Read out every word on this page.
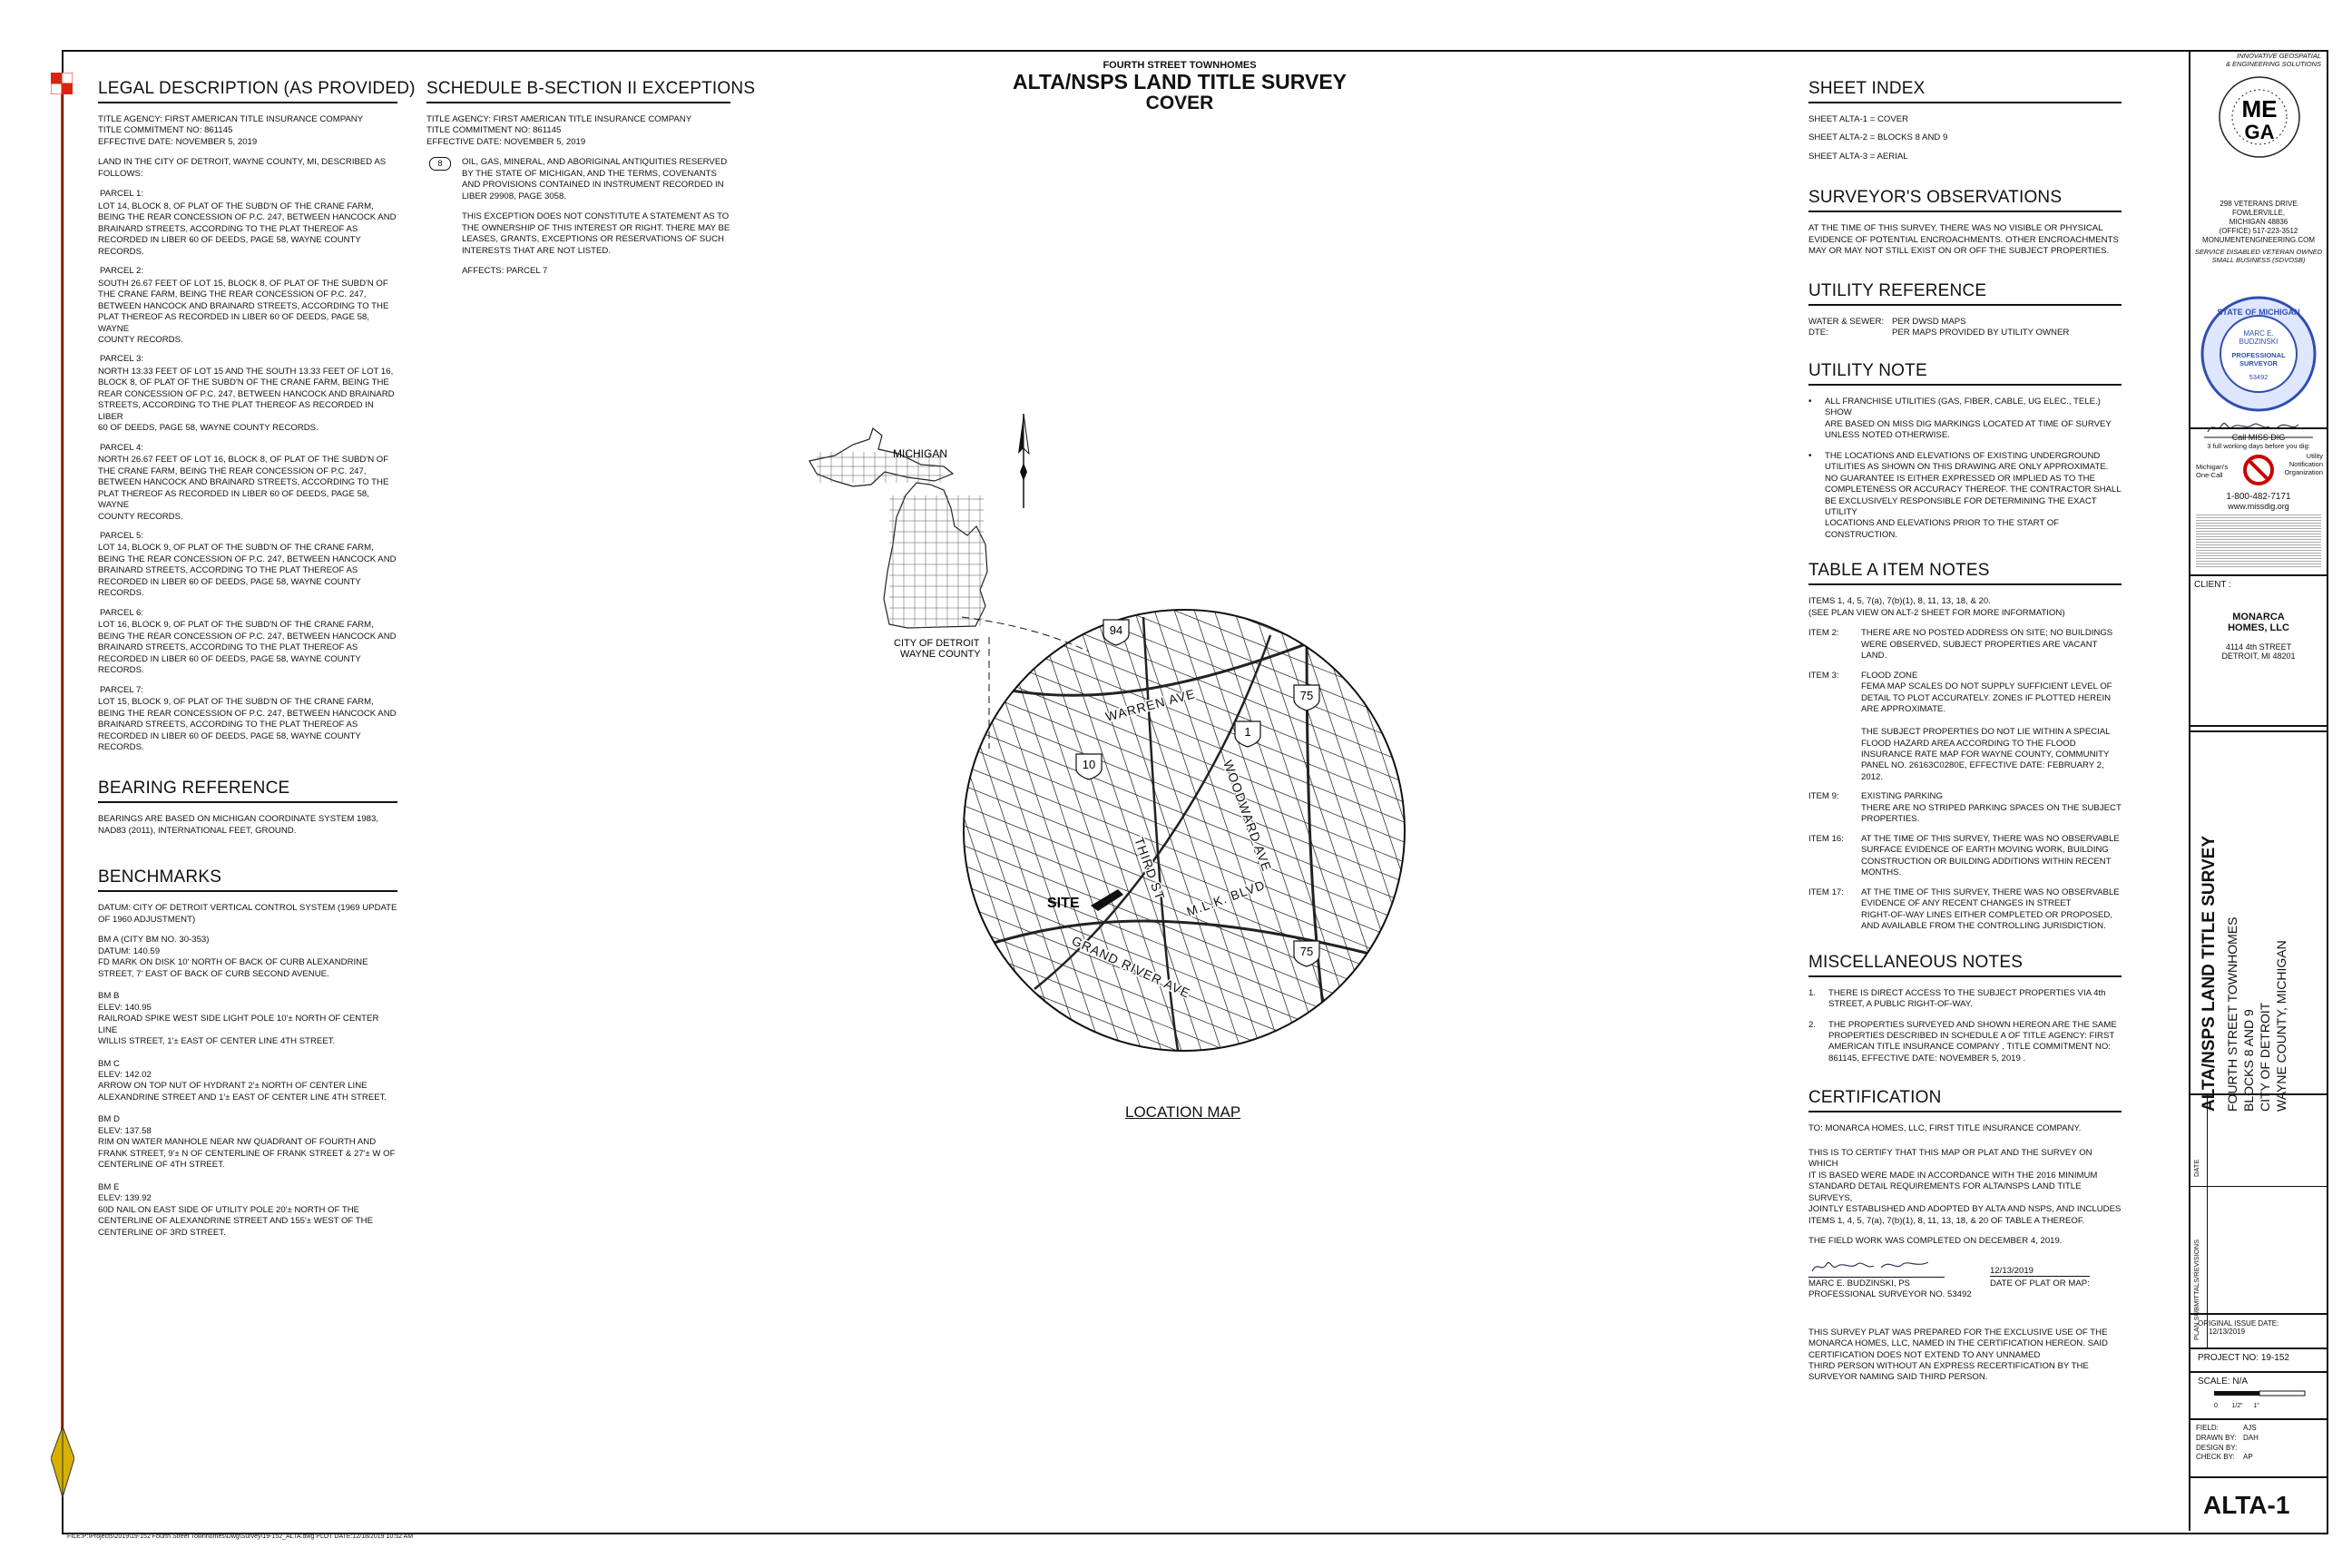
FOURTH STREET TOWNHOMES
ALTA/NSPS LAND TITLE SURVEY
COVER
LEGAL DESCRIPTION (AS PROVIDED)

TITLE AGENCY: FIRST AMERICAN TITLE INSURANCE COMPANY
TITLE COMMITMENT NO: 861145
EFFECTIVE DATE: NOVEMBER 5, 2019

LAND IN THE CITY OF DETROIT, WAYNE COUNTY, MI, DESCRIBED AS
FOLLOWS:

PARCEL 1:
LOT 14, BLOCK 8, OF PLAT OF THE SUBD'N OF THE CRANE FARM,
BEING THE REAR CONCESSION OF P.C. 247, BETWEEN HANCOCK AND
BRAINARD STREETS, ACCORDING TO THE PLAT THEREOF AS
RECORDED IN LIBER 60 OF DEEDS, PAGE 58, WAYNE COUNTY
RECORDS.
PARCEL 2:
SOUTH 26.67 FEET OF LOT 15, BLOCK 8, OF PLAT OF THE SUBD'N OF
THE CRANE FARM, BEING THE REAR CONCESSION OF P.C. 247,
BETWEEN HANCOCK AND BRAINARD STREETS, ACCORDING TO THE
PLAT THEREOF AS RECORDED IN LIBER 60 OF DEEDS, PAGE 58, WAYNE
COUNTY RECORDS.
PARCEL 3:
NORTH 13.33 FEET OF LOT 15 AND THE SOUTH 13.33 FEET OF LOT 16,
BLOCK 8, OF PLAT OF THE SUBD'N OF THE CRANE FARM, BEING THE
REAR CONCESSION OF P.C. 247, BETWEEN HANCOCK AND BRAINARD
STREETS, ACCORDING TO THE PLAT THEREOF AS RECORDED IN LIBER
60 OF DEEDS, PAGE 58, WAYNE COUNTY RECORDS.
PARCEL 4:
NORTH 26.67 FEET OF LOT 16, BLOCK 8, OF PLAT OF THE SUBD'N OF
THE CRANE FARM, BEING THE REAR CONCESSION OF P.C. 247,
BETWEEN HANCOCK AND BRAINARD STREETS, ACCORDING TO THE
PLAT THEREOF AS RECORDED IN LIBER 60 OF DEEDS, PAGE 58, WAYNE
COUNTY RECORDS.
PARCEL 5:
LOT 14, BLOCK 9, OF PLAT OF THE SUBD'N OF THE CRANE FARM,
BEING THE REAR CONCESSION OF P.C. 247, BETWEEN HANCOCK AND
BRAINARD STREETS, ACCORDING TO THE PLAT THEREOF AS
RECORDED IN LIBER 60 OF DEEDS, PAGE 58, WAYNE COUNTY
RECORDS.
PARCEL 6:
LOT 16, BLOCK 9, OF PLAT OF THE SUBD'N OF THE CRANE FARM,
BEING THE REAR CONCESSION OF P.C. 247, BETWEEN HANCOCK AND
BRAINARD STREETS, ACCORDING TO THE PLAT THEREOF AS
RECORDED IN LIBER 60 OF DEEDS, PAGE 58, WAYNE COUNTY
RECORDS.
PARCEL 7:
LOT 15, BLOCK 9, OF PLAT OF THE SUBD'N OF THE CRANE FARM,
BEING THE REAR CONCESSION OF P.C. 247, BETWEEN HANCOCK AND
BRAINARD STREETS, ACCORDING TO THE PLAT THEREOF AS
RECORDED IN LIBER 60 OF DEEDS, PAGE 58, WAYNE COUNTY
RECORDS.
BEARING REFERENCE

BEARINGS ARE BASED ON MICHIGAN COORDINATE SYSTEM 1983,
NAD83 (2011), INTERNATIONAL FEET, GROUND.

BENCHMARKS

DATUM: CITY OF DETROIT VERTICAL CONTROL SYSTEM (1969 UPDATE
OF 1960 ADJUSTMENT)

BM A (CITY BM NO. 30-353)
DATUM: 140.59
FD MARK ON DISK 10' NORTH OF BACK OF CURB ALEXANDRINE
STREET, 7' EAST OF BACK OF CURB SECOND AVENUE.

BM B
ELEV: 140.95
RAILROAD SPIKE WEST SIDE LIGHT POLE 10'± NORTH OF CENTER LINE
WILLIS STREET, 1'± EAST OF CENTER LINE 4TH STREET.

BM C
ELEV: 142.02
ARROW ON TOP NUT OF HYDRANT 2'± NORTH OF CENTER LINE
ALEXANDRINE STREET AND 1'± EAST OF CENTER LINE 4TH STREET.

BM D
ELEV: 137.58
RIM ON WATER MANHOLE NEAR NW QUADRANT OF FOURTH AND
FRANK STREET, 9'± N OF CENTERLINE OF FRANK STREET & 27'± W OF
CENTERLINE OF 4TH STREET.

BM E
ELEV: 139.92
60D NAIL ON EAST SIDE OF UTILITY POLE 20'± NORTH OF THE
CENTERLINE OF ALEXANDRINE STREET AND 155'± WEST OF THE
CENTERLINE OF 3RD STREET.

SCHEDULE B-SECTION II EXCEPTIONS

TITLE AGENCY: FIRST AMERICAN TITLE INSURANCE COMPANY
TITLE COMMITMENT NO: 861145
EFFECTIVE DATE: NOVEMBER 5, 2019

8	OIL, GAS, MINERAL, AND ABORIGINAL ANTIQUITIES RESERVED
BY THE STATE OF MICHIGAN, AND THE TERMS, COVENANTS
AND PROVISIONS CONTAINED IN INSTRUMENT RECORDED IN
LIBER 29908, PAGE 3058.

THIS EXCEPTION DOES NOT CONSTITUTE A STATEMENT AS TO
THE OWNERSHIP OF THIS INTEREST OR RIGHT. THERE MAY BE
LEASES, GRANTS, EXCEPTIONS OR RESERVATIONS OF SUCH
INTERESTS THAT ARE NOT LISTED.

AFFECTS: PARCEL 7

MICHIGAN
CITY OF DETROIT
WAYNE COUNTY
94
75
1
10
75
WARREN AVE
THIRD ST	WOODWARD AVE
M.L.K. BLVD
GRAND RIVER AVE
SITE
LOCATION MAP
SHEET INDEX
SHEET ALTA-1 = COVER
SHEET ALTA-2 = BLOCKS 8 AND 9
SHEET ALTA-3 = AERIAL
SURVEYOR'S OBSERVATIONS

AT THE TIME OF THIS SURVEY, THERE WAS NO VISIBLE OR PHYSICAL
EVIDENCE OF POTENTIAL ENCROACHMENTS. OTHER ENCROACHMENTS
MAY OR MAY NOT STILL EXIST ON OR OFF THE SUBJECT PROPERTIES.

UTILITY REFERENCE
WATER & SEWER: PER DWSD MAPS
DTE:	PER MAPS PROVIDED BY UTILITY OWNER
UTILITY NOTE
•	ALL FRANCHISE UTILITIES (GAS, FIBER, CABLE, UG ELEC., TELE.) SHOW
ARE BASED ON MISS DIG MARKINGS LOCATED AT TIME OF SURVEY
UNLESS NOTED OTHERWISE.
•	THE LOCATIONS AND ELEVATIONS OF EXISTING UNDERGROUND
UTILITIES AS SHOWN ON THIS DRAWING ARE ONLY APPROXIMATE.
NO GUARANTEE IS EITHER EXPRESSED OR IMPLIED AS TO THE
COMPLETENESS OR ACCURACY THEREOF. THE CONTRACTOR SHALL
BE EXCLUSIVELY RESPONSIBLE FOR DETERMINING THE EXACT UTILITY
LOCATIONS AND ELEVATIONS PRIOR TO THE START OF
CONSTRUCTION.
TABLE A ITEM NOTES

ITEMS 1, 4, 5, 7(a), 7(b)(1), 8, 11, 13, 18, & 20.
(SEE PLAN VIEW ON ALT-2 SHEET FOR MORE INFORMATION)

ITEM 2:	THERE ARE NO POSTED ADDRESS ON SITE; NO BUILDINGS
WERE OBSERVED, SUBJECT PROPERTIES ARE VACANT LAND.
ITEM 3:	FLOOD ZONE
FEMA MAP SCALES DO NOT SUPPLY SUFFICIENT LEVEL OF
DETAIL TO PLOT ACCURATELY. ZONES IF PLOTTED HEREIN
ARE APPROXIMATE.

THE SUBJECT PROPERTIES DO NOT LIE WITHIN A SPECIAL
FLOOD HAZARD AREA ACCORDING TO THE FLOOD
INSURANCE RATE MAP FOR WAYNE COUNTY, COMMUNITY
PANEL NO. 26163C0280E, EFFECTIVE DATE: FEBRUARY 2,
2012.
ITEM 9:	EXISTING PARKING
THERE ARE NO STRIPED PARKING SPACES ON THE SUBJECT
PROPERTIES.
ITEM 16:	AT THE TIME OF THIS SURVEY, THERE WAS NO OBSERVABLE
SURFACE EVIDENCE OF EARTH MOVING WORK, BUILDING
CONSTRUCTION OR BUILDING ADDITIONS WITHIN RECENT
MONTHS.
ITEM 17:	AT THE TIME OF THIS SURVEY, THERE WAS NO OBSERVABLE
EVIDENCE OF ANY RECENT CHANGES IN STREET
RIGHT-OF-WAY LINES EITHER COMPLETED OR PROPOSED,
AND AVAILABLE FROM THE CONTROLLING JURISDICTION.
MISCELLANEOUS NOTES
1.	THERE IS DIRECT ACCESS TO THE SUBJECT PROPERTIES VIA 4th
STREET, A PUBLIC RIGHT-OF-WAY.
2.	THE PROPERTIES SURVEYED AND SHOWN HEREON ARE THE SAME
PROPERTIES DESCRIBED IN SCHEDULE A OF TITLE AGENCY: FIRST
AMERICAN TITLE INSURANCE COMPANY , TITLE COMMITMENT NO:
861145, EFFECTIVE DATE: NOVEMBER 5, 2019 .
CERTIFICATION

TO: MONARCA HOMES, LLC, FIRST TITLE INSURANCE COMPANY.

THIS IS TO CERTIFY THAT THIS MAP OR PLAT AND THE SURVEY ON WHICH
IT IS BASED WERE MADE IN ACCORDANCE WITH THE 2016 MINIMUM
STANDARD DETAIL REQUIREMENTS FOR ALTA/NSPS LAND TITLE SURVEYS,
JOINTLY ESTABLISHED AND ADOPTED BY ALTA AND NSPS, AND INCLUDES
ITEMS 1, 4, 5, 7(a), 7(b)(1), 8, 11, 13, 18, & 20 OF TABLE A THEREOF.

THE FIELD WORK WAS COMPLETED ON DECEMBER 4, 2019.

MARC E. BUDZINSKI, PS
PROFESSIONAL SURVEYOR NO. 53492

12/13/2019
DATE OF PLAT OR MAP:

THIS SURVEY PLAT WAS PREPARED FOR THE EXCLUSIVE USE OF THE
MONARCA HOMES, LLC, NAMED IN THE CERTIFICATION HEREON. SAID
CERTIFICATION DOES NOT EXTEND TO ANY UNNAMED
THIRD PERSON WITHOUT AN EXPRESS RECERTIFICATION BY THE
SURVEYOR NAMING SAID THIRD PERSON.

INNOVATIVE GEOSPATIAL
& ENGINEERING SOLUTIONS
ME
GA
298 VETERANS DRIVE
FOWLERVILLE,
MICHIGAN 48836
(OFFICE) 517-223-3512
MONUMENTENGINEERING.COM
SERVICE DISABLED VETERAN OWNED
SMALL BUSINESS (SDVOSB)
STATE OF MICHIGAN
MARC E.
BUDZINSKI
PROFESSIONAL
SURVEYOR
53492
Call MISS DIG
3 full working days before you dig:
Michigan's
One-Call
Utility
Notification
Organization
1-800-482-7171
www.missdig.org
CLIENT :
MONARCA
HOMES, LLC
4114 4th STREET
DETROIT, MI 48201
ALTA/NSPS LAND TITLE SURVEY FOURTH STREET TOWNHOMES BLOCKS 8 AND 9 CITY OF DETROIT WAYNE COUNTY, MICHIGAN
DATE
PLAN SUBMITTALS/REVISIONS
ORIGINAL ISSUE DATE:
12/13/2019
PROJECT NO: 19-152
SCALE: N/A
0        1/2"      1"
FIELD:	AJS
DRAWN BY: DAH
DESIGN BY:
CHECK BY: AP
ALTA-1
FILE:P:\Projects\2019\19-152 Fourth Street Townhomes\Dwg\Survey\19-152_ALTA.dwg PLOT DATE:12/18/2019 10:52 AM
